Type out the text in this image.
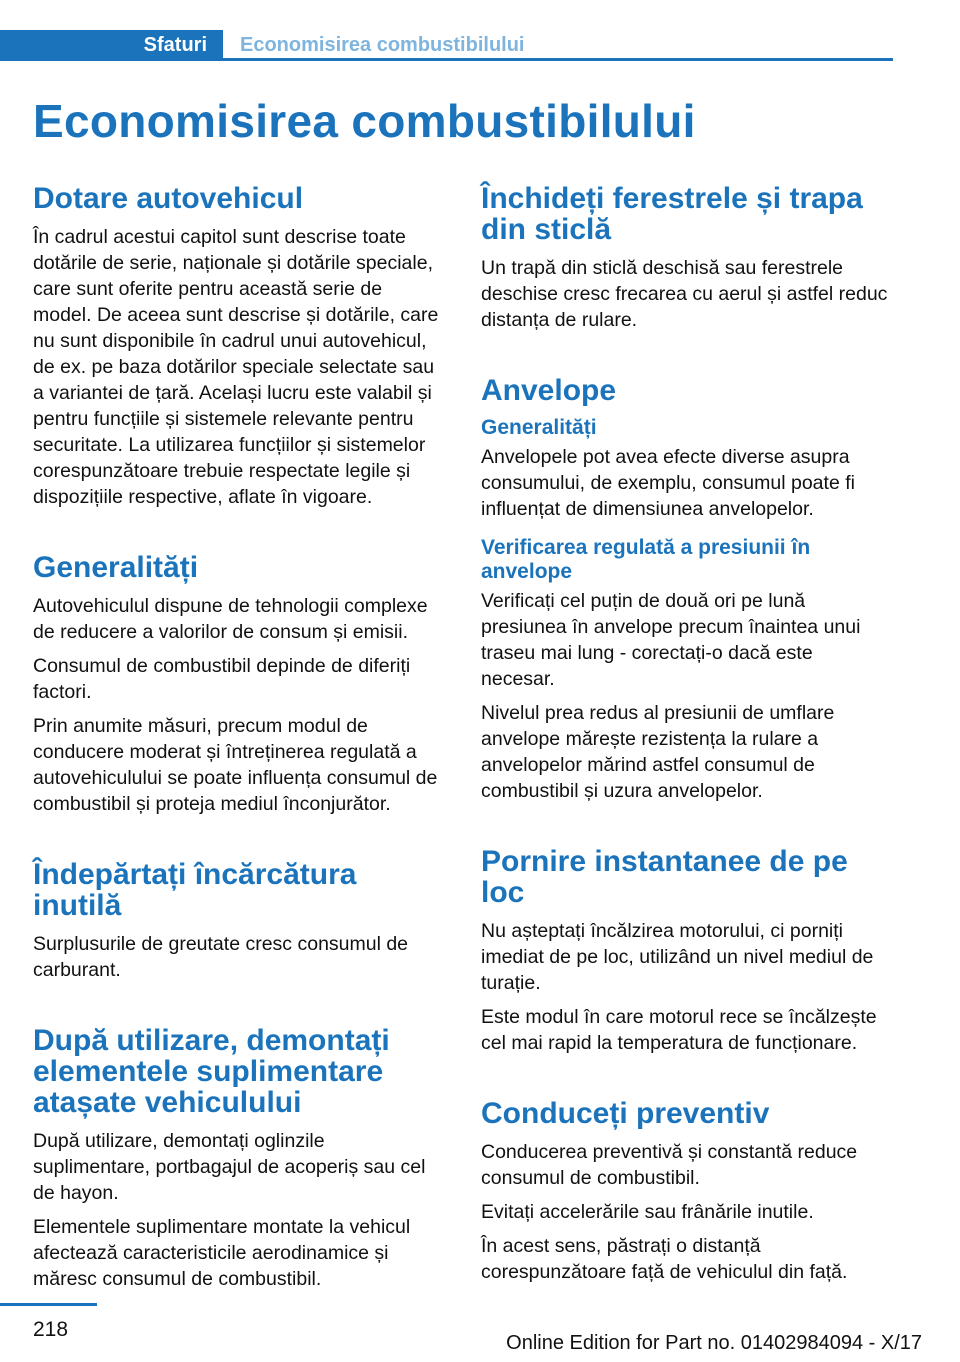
Sfaturi	Economisirea combustibilului
Economisirea combustibilului
Dotare autovehicul

În cadrul acestui capitol sunt descrise toate dotările de serie, naționale și dotările speciale, care sunt oferite pentru această serie de model. De aceea sunt descrise și dotările, care nu sunt disponibile în cadrul unui autovehicul, de ex. pe baza dotărilor speciale selectate sau a variantei de țară. Același lucru este valabil și pentru funcțiile și sistemele relevante pentru securitate. La utilizarea funcțiilor și sistemelor corespunzătoare trebuie respectate legile și dispozițiile respective, aflate în vigoare.

Generalități

Autovehiculul dispune de tehnologii complexe de reducere a valorilor de consum și emisii.

Consumul de combustibil depinde de diferiți factori.

Prin anumite măsuri, precum modul de conducere moderat și întreținerea regulată a autovehiculului se poate influența consumul de combustibil și proteja mediul înconjurător.

Îndepărtați încărcătura inutilă

Surplusurile de greutate cresc consumul de carburant.

După utilizare, demontați elementele suplimentare atașate vehiculului

După utilizare, demontați oglinzile suplimentare, portbagajul de acoperiș sau cel de hayon.

Elementele suplimentare montate la vehicul afectează caracteristicile aerodinamice și măresc consumul de combustibil.

Închideți ferestrele și trapa din sticlă

Un trapă din sticlă deschisă sau ferestrele deschise cresc frecarea cu aerul și astfel reduc distanța de rulare.

Anvelope
Generalități

Anvelopele pot avea efecte diverse asupra consumului, de exemplu, consumul poate fi influențat de dimensiunea anvelopelor.

Verificarea regulată a presiunii în anvelope

Verificați cel puțin de două ori pe lună presiunea în anvelope precum înaintea unui traseu mai lung - corectați-o dacă este necesar.

Nivelul prea redus al presiunii de umflare anvelope mărește rezistența la rulare a anvelopelor mărind astfel consumul de combustibil și uzura anvelopelor.

Pornire instantanee de pe loc

Nu așteptați încălzirea motorului, ci porniți imediat de pe loc, utilizând un nivel mediul de turație.

Este modul în care motorul rece se încălzește cel mai rapid la temperatura de funcționare.

Conduceți preventiv

Conducerea preventivă și constantă reduce consumul de combustibil.

Evitați accelerările sau frânările inutile.

În acest sens, păstrați o distanță corespunzătoare față de vehiculul din față.

218
Online Edition for Part no. 01402984094 - X/17
